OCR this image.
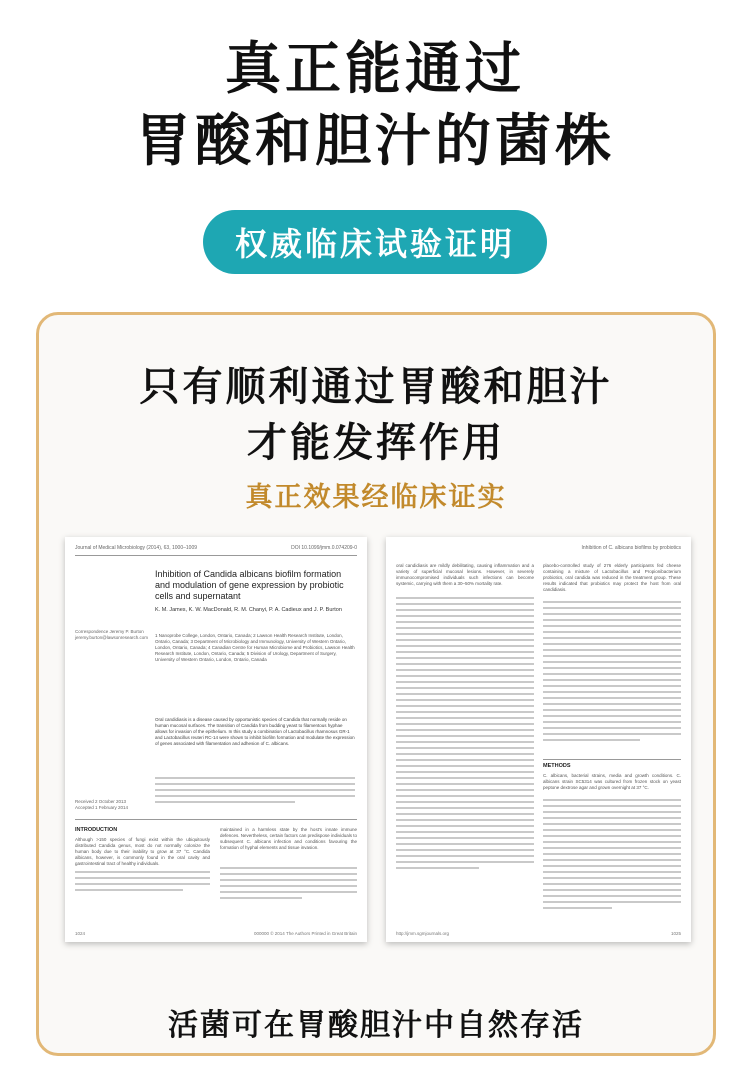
真正能通过
胃酸和胆汁的菌株
权威临床试验证明
只有顺利通过胃酸和胆汁
才能发挥作用
真正效果经临床证实
Journal of Medical Microbiology (2014), 63, 1000–1009	DOI 10.1099/jmm.0.074209-0
Inhibition of Candida albicans biofilm formation and modulation of gene expression by probiotic cells and supernatant
K. M. James, K. W. MacDonald, R. M. Chanyi, P. A. Cadieux and J. P. Burton
Correspondence Jeremy P. Burton jeremy.burton@lawsonresearch.com 1 Nanoprobe College, London, Ontario, Canada; 2 Lawson Health Research Institute, London, Ontario, Canada; 3 Department of Microbiology and Immunology, University of Western Ontario, London, Ontario, Canada; 4 Canadian Centre for Human Microbiome and Probiotics, Lawson Health Research Institute, London, Ontario, Canada; 5 Division of Urology, Department of Surgery, University of Western Ontario, London, Ontario, Canada
Oral candidiasis is a disease caused by opportunistic species of Candida that normally reside on human mucosal surfaces. The transition of Candida from budding yeast to filamentous hyphae allows for invasion of the epithelium. In this study a combination of Lactobacillus rhamnosus GR-1 and Lactobacillus reuteri RC-14 were shown to inhibit biofilm formation and modulate the expression of genes associated with filamentation and adhesion of C. albicans.
Received 2 October 2013 Accepted 1 February 2014
INTRODUCTION
Although >150 species of fungi exist within the ubiquitously distributed Candida genus, most do not normally colonize the human body due to their inability to grow at 37 °C. Candida albicans, however, is commonly found in the oral cavity and gastrointestinal tract of healthy individuals.
maintained in a harmless state by the host's innate immune defences. Nevertheless, certain factors can predispose individuals to subsequent C. albicans infection and conditions favouring the formation of hyphal elements and tissue invasion.
1024	000000 © 2014 The Authors Printed in Great Britain
Inhibition of C. albicans biofilms by probiotics
oral candidiasis are mildly debilitating, causing inflammation and a variety of superficial mucosal lesions. However, in severely immunocompromised individuals such infections can become systemic, carrying with them a 30–50% mortality rate.
placebo-controlled study of 276 elderly participants fed cheese containing a mixture of Lactobacillus and Propionibacterium probiotics, oral candida was reduced in the treatment group. These results indicated that probiotics may protect the host from oral candidiasis.
METHODS
C. albicans, bacterial strains, media and growth conditions. C. albicans strain SC5314 was cultured from frozen stock on yeast peptone dextrose agar and grown overnight at 37 °C.
http://jmm.sgmjournals.org	1025
活菌可在胃酸胆汁中自然存活
